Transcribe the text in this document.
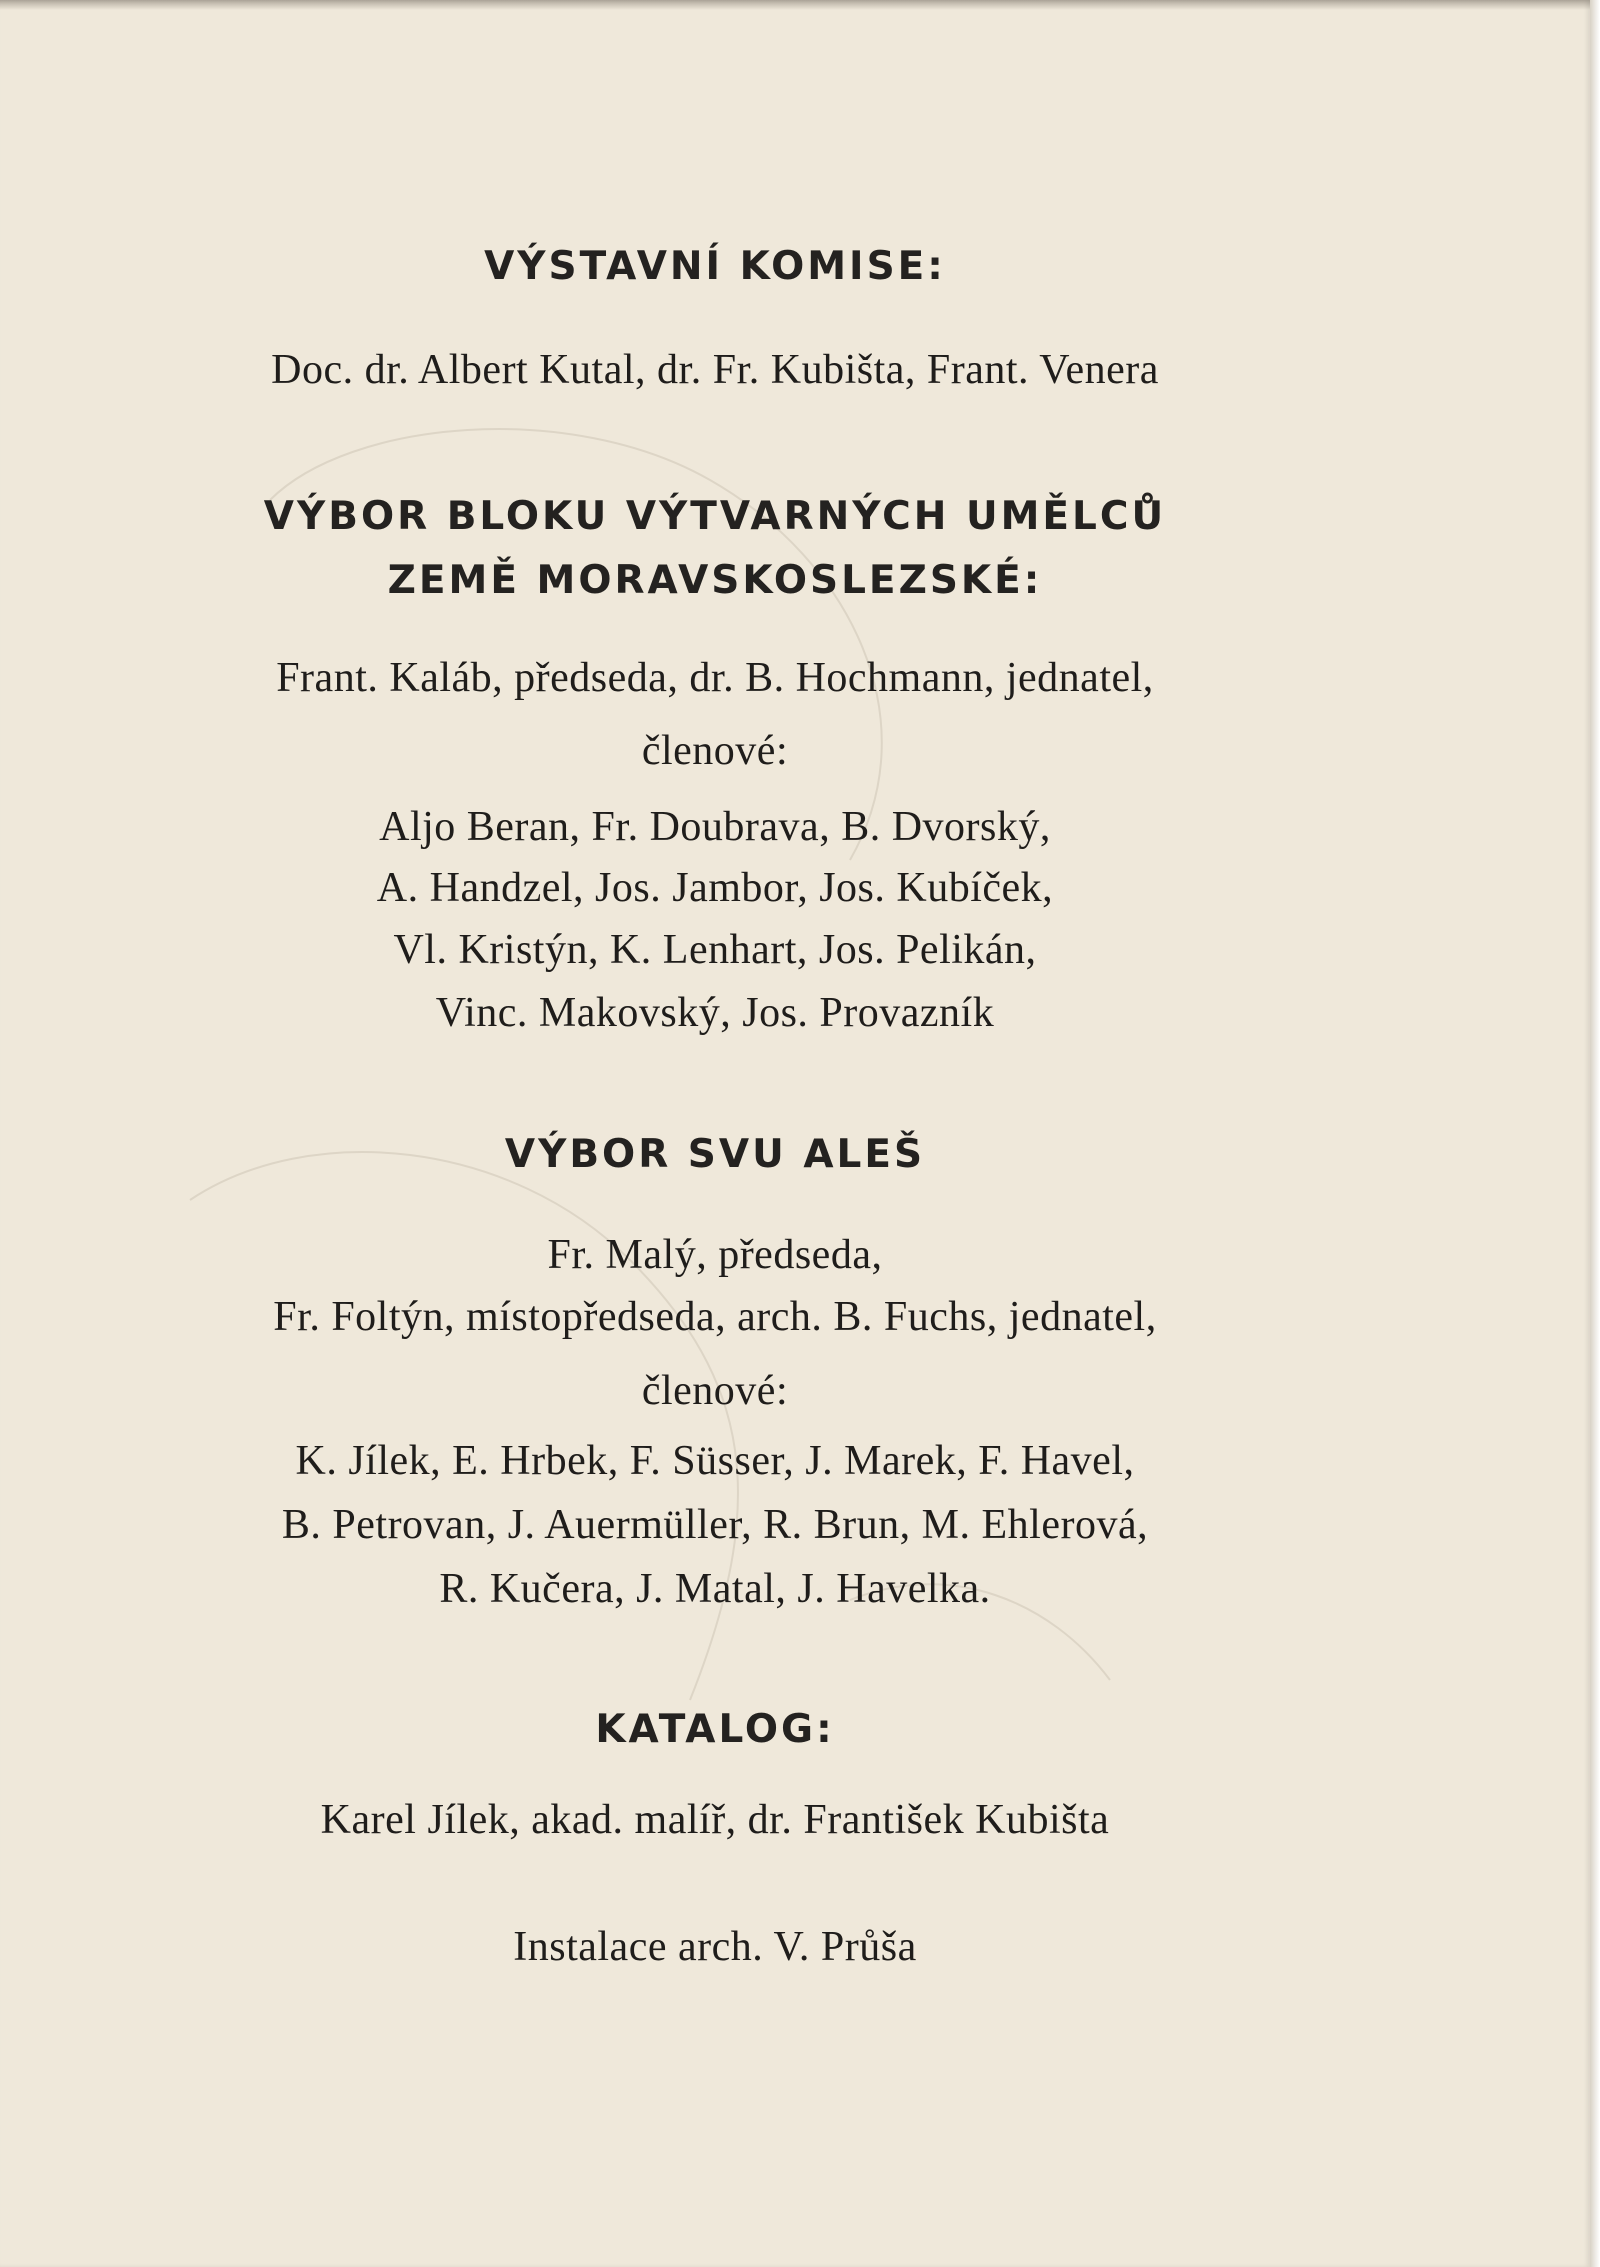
VÝSTAVNÍ KOMISE:
Doc. dr. Albert Kutal, dr. Fr. Kubišta, Frant. Venera
VÝBOR BLOKU VÝTVARNÝCH UMĚLCŮ
ZEMĚ MORAVSKOSLEZSKÉ:
Frant. Kaláb, předseda, dr. B. Hochmann, jednatel,
členové:
Aljo Beran, Fr. Doubrava, B. Dvorský,
A. Handzel, Jos. Jambor, Jos. Kubíček,
Vl. Kristýn, K. Lenhart, Jos. Pelikán,
Vinc. Makovský, Jos. Provazník
VÝBOR SVU ALEŠ
Fr. Malý, předseda,
Fr. Foltýn, místopředseda, arch. B. Fuchs, jednatel,
členové:
K. Jílek, E. Hrbek, F. Süsser, J. Marek, F. Havel,
B. Petrovan, J. Auermüller, R. Brun, M. Ehlerová,
R. Kučera, J. Matal, J. Havelka.
KATALOG:
Karel Jílek, akad. malíř, dr. František Kubišta
Instalace arch. V. Průša
